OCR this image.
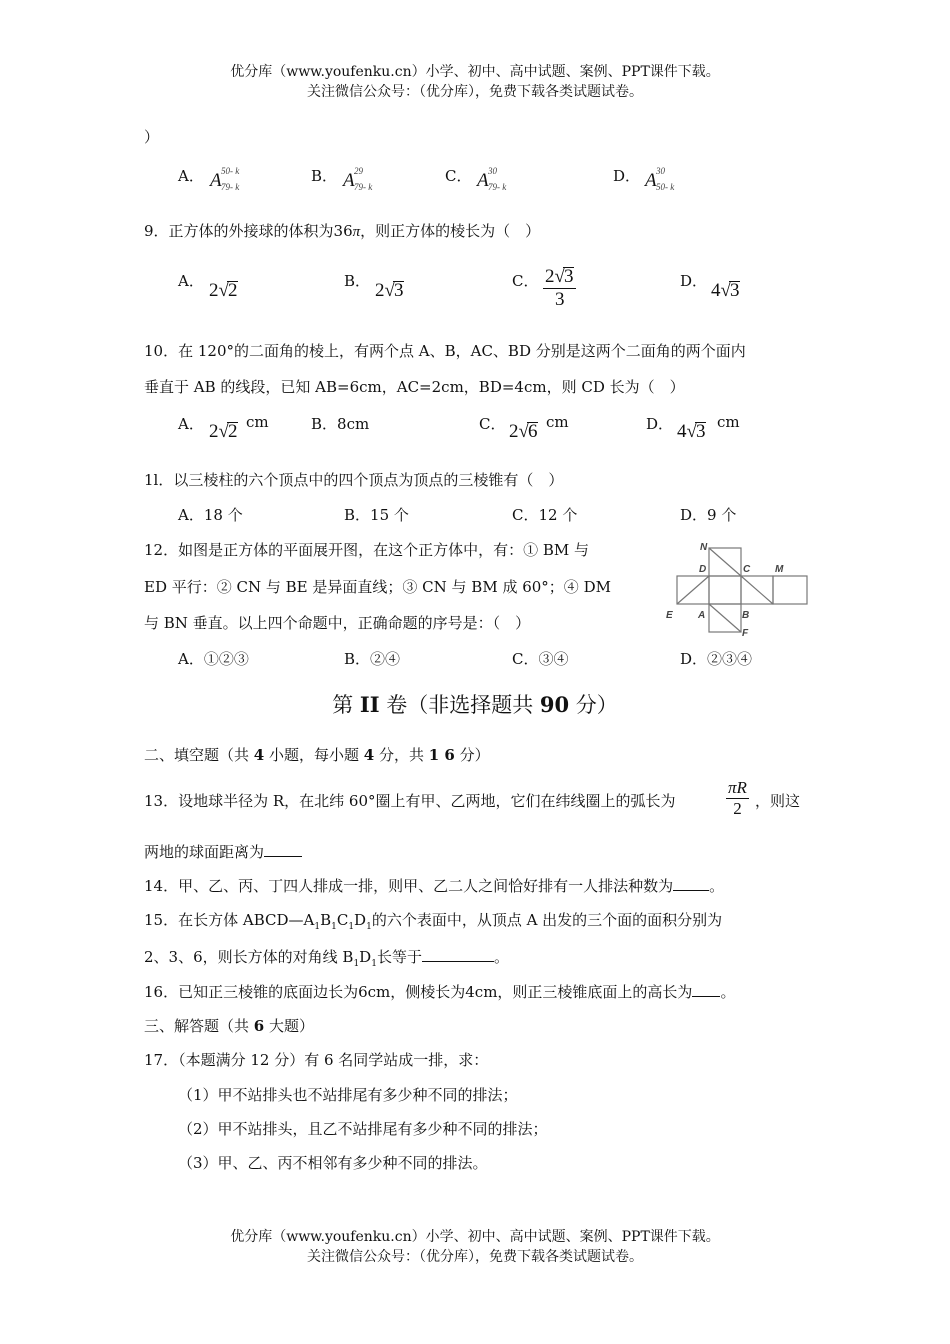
优分库（www.youfenku.cn）小学、初中、高中试题、案例、PPT课件下载。
关注微信公众号：（优分库），免费下载各类试题试卷。
）
A． A 50- k
79- k
B． A 29
79- k
C． A 30
79- k
D． A 30
50- k
9．正方体的外接球的体积为36π，则正方体的棱长为（　）
A． 2√2	B． 2√3	C． $\frac{2√3}{3}$	D． 4√3
10．在 120°的二面角的棱上，有两个点 A、B，AC、BD 分别是这两个二面角的两个面内
垂直于 AB 的线段，已知 AB=6cm，AC=2cm，BD=4cm，则 CD 长为（　）
A． 2√2 cm	B．8cm	C． 2√6 cm	D． 4√3 cm
1l．以三棱柱的六个顶点中的四个顶点为顶点的三棱锥有（　）
A．18 个	B．15 个	C．12 个	D．9 个
12．如图是正方体的平面展开图，在这个正方体中，有：① BM 与
ED 平行：② CN 与 BE 是异面直线；③ CN 与 BM 成 60°；④ DM
与 BN 垂直。以上四个命题中，正确命题的序号是：（　）
A．①②③	B．②④	C．③④	D．②③④
N
D	C M
E	A	B
F
第 II 卷（非选择题共 90 分）
二、填空题（共 4 小题，每小题 4 分，共 1 6 分）
13．设地球半径为 R，在北纬 60°圈上有甲、乙两地，它们在纬线圈上的弧长为	$\frac{\pi R}{2}$ ，则这
两地的球面距离为
14．甲、乙、丙、丁四人排成一排，则甲、乙二人之间恰好排有一人排法种数为 。
15．在长方体 $ABCD—A_1B_1C_1D_1$的六个表面中，从顶点 A 出发的三个面的面积分别为
2、3、6，则长方体的对角线 $B_1D_1$长等于	。
16．已知正三棱锥的底面边长为6cm，侧棱长为4cm，则正三棱锥底面上的高长为 。
三、解答题（共 6 大题）
17．（本题满分 12 分）有 6 名同学站成一排，求：
（1）甲不站排头也不站排尾有多少种不同的排法；
（2）甲不站排头，且乙不站排尾有多少种不同的排法；
（3）甲、乙、丙不相邻有多少种不同的排法。
优分库（www.youfenku.cn）小学、初中、高中试题、案例、PPT课件下载。
关注微信公众号：（优分库），免费下载各类试题试卷。
